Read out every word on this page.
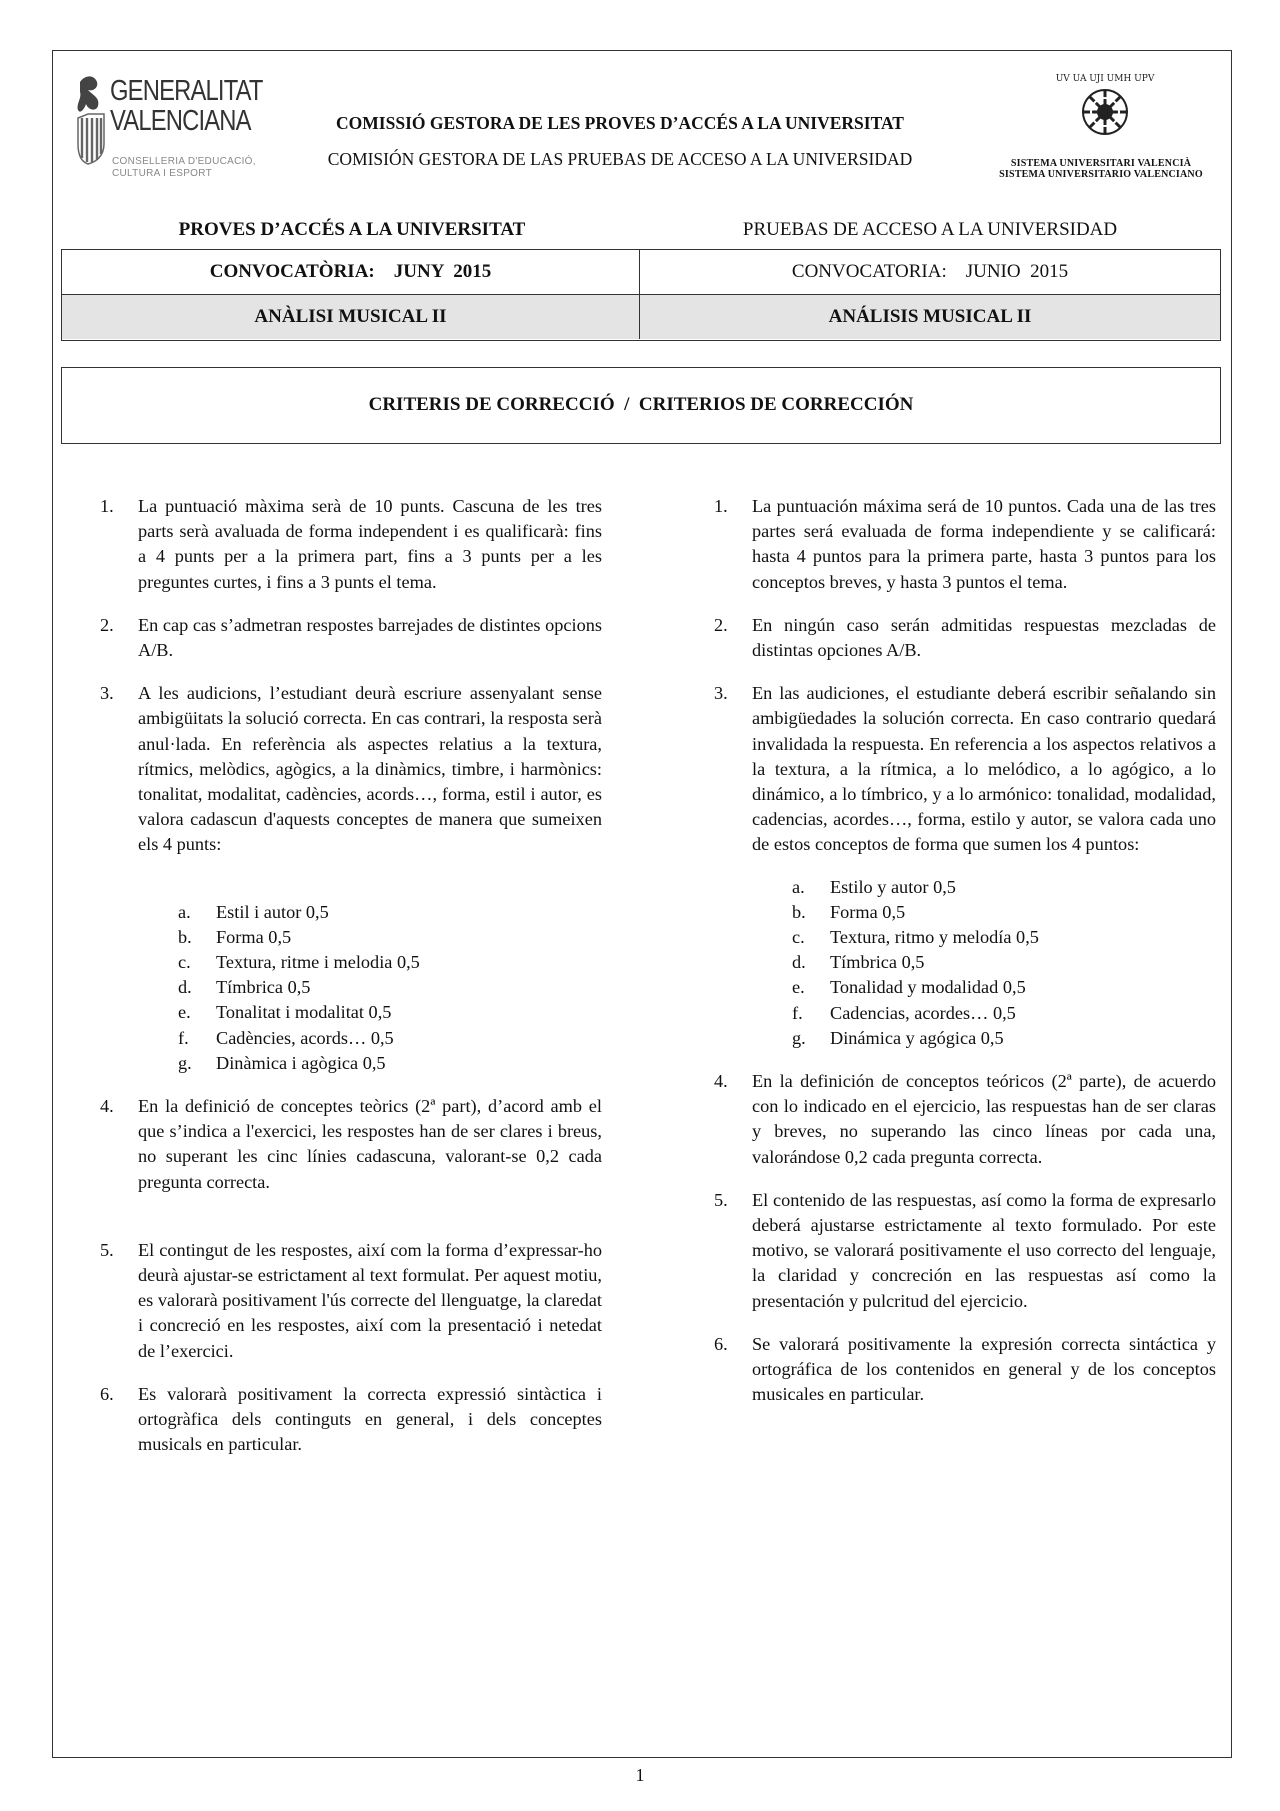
GENERALITAT
VALENCIANA
CONSELLERIA D'EDUCACIÓ,
CULTURA I ESPORT
COMISSIÓ GESTORA DE LES PROVES D’ACCÉS A LA UNIVERSITAT
COMISIÓN GESTORA DE LAS PRUEBAS DE ACCESO A LA UNIVERSIDAD
UV UA UJI UMH UPV
SISTEMA UNIVERSITARI VALENCIÀ
SISTEMA UNIVERSITARIO VALENCIANO
PROVES D’ACCÉS A LA UNIVERSITAT	PRUEBAS DE ACCESO A LA UNIVERSIDAD
CONVOCATÒRIA:    JUNY  2015	CONVOCATORIA:    JUNIO  2015
ANÀLISI MUSICAL II	ANÁLISIS MUSICAL II
CRITERIS DE CORRECCIÓ  /  CRITERIOS DE CORRECCIÓN
1. La puntuació màxima serà de 10 punts. Cascuna de les tres parts serà avaluada de forma independent i es qualificarà: fins a 4 punts per a la primera part, fins a 3 punts per a les preguntes curtes, i fins a 3 punts el tema.
2. En cap cas s’admetran respostes barrejades de distintes opcions A/B.
3. A les audicions, l’estudiant deurà escriure assenyalant sense ambigüitats la solució correcta. En cas contrari, la resposta serà anul·lada. En referència als aspectes relatius a la textura, rítmics, melòdics, agògics, a la dinàmics, timbre, i harmònics: tonalitat, modalitat, cadències, acords…, forma, estil i autor, es valora cadascun d'aquests conceptes de manera que sumeixen els 4 punts:
a. Estil i autor 0,5
b. Forma 0,5
c. Textura, ritme i melodia 0,5
d. Tímbrica 0,5
e. Tonalitat i modalitat 0,5
f. Cadències, acords… 0,5
g. Dinàmica i agògica 0,5
4. En la definició de conceptes teòrics (2ª part), d’acord amb el que s’indica a l'exercici, les respostes han de ser clares i breus, no superant les cinc línies cadascuna, valorant-se 0,2 cada pregunta correcta.
5. El contingut de les respostes, així com la forma d’expressar-ho deurà ajustar-se estrictament al text formulat. Per aquest motiu, es valorarà positivament l'ús correcte del llenguatge, la claredat i concreció en les respostes, així com la presentació i netedat de l’exercici.
6. Es valorarà positivament la correcta expressió sintàctica i ortogràfica dels continguts en general, i dels conceptes musicals en particular.
1. La puntuación máxima será de 10 puntos. Cada una de las tres partes será evaluada de forma independiente y se calificará: hasta 4 puntos para la primera parte, hasta 3 puntos para los conceptos breves, y hasta 3 puntos el tema.
2. En ningún caso serán admitidas respuestas mezcladas de distintas opciones A/B.
3. En las audiciones, el estudiante deberá escribir señalando sin ambigüedades la solución correcta. En caso contrario quedará invalidada la respuesta. En referencia a los aspectos relativos a la textura, a la rítmica, a lo melódico, a lo agógico, a lo dinámico, a lo tímbrico, y a lo armónico: tonalidad, modalidad, cadencias, acordes…, forma, estilo y autor, se valora cada uno de estos conceptos de forma que sumen los 4 puntos:
a. Estilo y autor 0,5
b. Forma 0,5
c. Textura, ritmo y melodía 0,5
d. Tímbrica 0,5
e. Tonalidad y modalidad 0,5
f. Cadencias, acordes… 0,5
g. Dinámica y agógica 0,5
4. En la definición de conceptos teóricos (2ª parte), de acuerdo con lo indicado en el ejercicio, las respuestas han de ser claras y breves, no superando las cinco líneas por cada una, valorándose 0,2 cada pregunta correcta.
5. El contenido de las respuestas, así como la forma de expresarlo deberá ajustarse estrictamente al texto formulado. Por este motivo, se valorará positivamente el uso correcto del lenguaje, la claridad y concreción en las respuestas así como la presentación y pulcritud del ejercicio.
6. Se valorará positivamente la expresión correcta sintáctica y ortográfica de los contenidos en general y de los conceptos musicales en particular.
1
